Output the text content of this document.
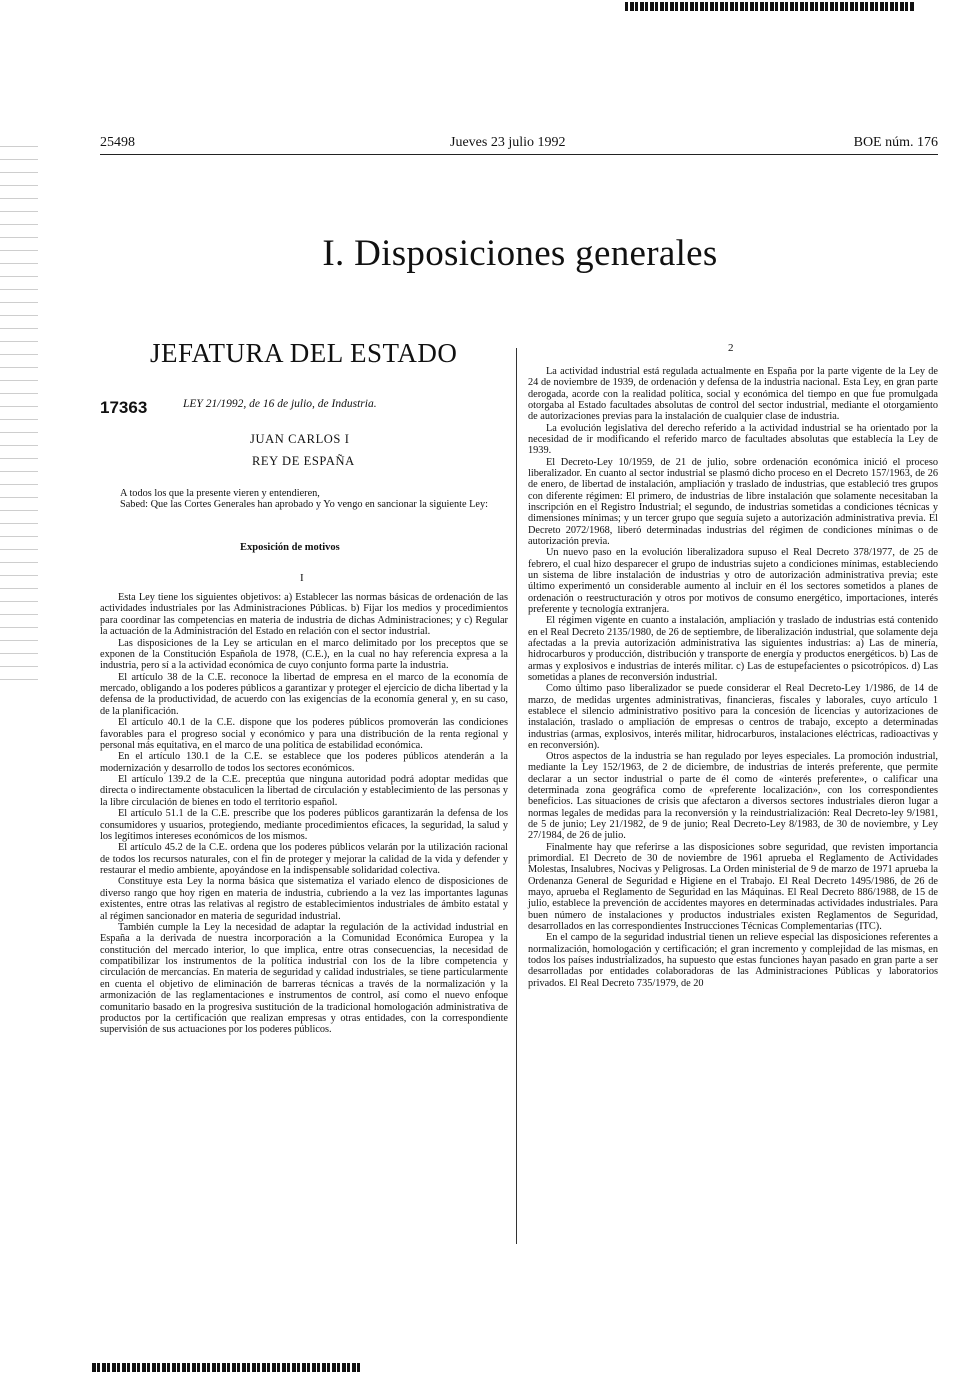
25498	Jueves 23 julio 1992	BOE núm. 176
I. Disposiciones generales
JEFATURA DEL ESTADO
17363	LEY 21/1992, de 16 de julio, de Industria.
JUAN CARLOS I
REY DE ESPAÑA

A todos los que la presente vieren y entendieren,

Sabed: Que las Cortes Generales han aprobado y Yo vengo en sancionar la siguiente Ley:

Exposición de motivos
I

Esta Ley tiene los siguientes objetivos: a) Establecer las normas básicas de ordenación de las actividades industriales por las Administraciones Públicas. b) Fijar los medios y procedimientos para coordinar las competencias en materia de industria de dichas Administraciones; y c) Regular la actuación de la Administración del Estado en relación con el sector industrial.

Las disposiciones de la Ley se articulan en el marco delimitado por los preceptos que se exponen de la Constitución Española de 1978, (C.E.), en la cual no hay referencia expresa a la industria, pero sí a la actividad económica de cuyo conjunto forma parte la industria.

El artículo 38 de la C.E. reconoce la libertad de empresa en el marco de la economía de mercado, obligando a los poderes públicos a garantizar y proteger el ejercicio de dicha libertad y la defensa de la productividad, de acuerdo con las exigencias de la economía general y, en su caso, de la planificación.

El artículo 40.1 de la C.E. dispone que los poderes públicos promoverán las condiciones favorables para el progreso social y económico y para una distribución de la renta regional y personal más equitativa, en el marco de una política de estabilidad económica.

En el artículo 130.1 de la C.E. se establece que los poderes públicos atenderán a la modernización y desarrollo de todos los sectores económicos.

El artículo 139.2 de la C.E. preceptúa que ninguna autoridad podrá adoptar medidas que directa o indirectamente obstaculicen la libertad de circulación y establecimiento de las personas y la libre circulación de bienes en todo el territorio español.

El artículo 51.1 de la C.E. prescribe que los poderes públicos garantizarán la defensa de los consumidores y usuarios, protegiendo, mediante procedimientos eficaces, la seguridad, la salud y los legítimos intereses económicos de los mismos.

El artículo 45.2 de la C.E. ordena que los poderes públicos velarán por la utilización racional de todos los recursos naturales, con el fin de proteger y mejorar la calidad de la vida y defender y restaurar el medio ambiente, apoyándose en la indispensable solidaridad colectiva.

Constituye esta Ley la norma básica que sistematiza el variado elenco de disposiciones de diverso rango que hoy rigen en materia de industria, cubriendo a la vez las importantes lagunas existentes, entre otras las relativas al registro de establecimientos industriales de ámbito estatal y al régimen sancionador en materia de seguridad industrial.

También cumple la Ley la necesidad de adaptar la regulación de la actividad industrial en España a la derivada de nuestra incorporación a la Comunidad Económica Europea y la constitución del mercado interior, lo que implica, entre otras consecuencias, la necesidad de compatibilizar los instrumentos de la política industrial con los de la libre competencia y circulación de mercancías. En materia de seguridad y calidad industriales, se tiene particularmente en cuenta el objetivo de eliminación de barreras técnicas a través de la normalización y la armonización de las reglamentaciones e instrumentos de control, así como el nuevo enfoque comunitario basado en la progresiva sustitución de la tradicional homologación administrativa de productos por la certificación que realizan empresas y otras entidades, con la correspondiente supervisión de sus actuaciones por los poderes públicos.

2

La actividad industrial está regulada actualmente en España por la parte vigente de la Ley de 24 de noviembre de 1939, de ordenación y defensa de la industria nacional. Esta Ley, en gran parte derogada, acorde con la realidad política, social y económica del tiempo en que fue promulgada otorgaba al Estado facultades absolutas de control del sector industrial, mediante el otorgamiento de autorizaciones previas para la instalación de cualquier clase de industria.

La evolución legislativa del derecho referido a la actividad industrial se ha orientado por la necesidad de ir modificando el referido marco de facultades absolutas que establecía la Ley de 1939.

El Decreto-Ley 10/1959, de 21 de julio, sobre ordenación económica inició el proceso liberalizador. En cuanto al sector industrial se plasmó dicho proceso en el Decreto 157/1963, de 26 de enero, de libertad de instalación, ampliación y traslado de industrias, que estableció tres grupos con diferente régimen: El primero, de industrias de libre instalación que solamente necesitaban la inscripción en el Registro Industrial; el segundo, de industrias sometidas a condiciones técnicas y dimensiones mínimas; y un tercer grupo que seguía sujeto a autorización administrativa previa. El Decreto 2072/1968, liberó determinadas industrias del régimen de condiciones mínimas o de autorización previa.

Un nuevo paso en la evolución liberalizadora supuso el Real Decreto 378/1977, de 25 de febrero, el cual hizo desparecer el grupo de industrias sujeto a condiciones mínimas, estableciendo un sistema de libre instalación de industrias y otro de autorización administrativa previa; este último experimentó un considerable aumento al incluir en él los sectores sometidos a planes de ordenación o reestructuración y otros por motivos de consumo energético, importaciones, interés preferente y tecnología extranjera.

El régimen vigente en cuanto a instalación, ampliación y traslado de industrias está contenido en el Real Decreto 2135/1980, de 26 de septiembre, de liberalización industrial, que solamente deja afectadas a la previa autorización administrativa las siguientes industrias: a) Las de minería, hidrocarburos y producción, distribución y transporte de energía y productos energéticos. b) Las de armas y explosivos e industrias de interés militar. c) Las de estupefacientes o psicotrópicos. d) Las sometidas a planes de reconversión industrial.

Como último paso liberalizador se puede considerar el Real Decreto-Ley 1/1986, de 14 de marzo, de medidas urgentes administrativas, financieras, fiscales y laborales, cuyo artículo 1 establece el silencio administrativo positivo para la concesión de licencias y autorizaciones de instalación, traslado o ampliación de empresas o centros de trabajo, excepto a determinadas industrias (armas, explosivos, interés militar, hidrocarburos, instalaciones eléctricas, radioactivas y en reconversión).

Otros aspectos de la industria se han regulado por leyes especiales. La promoción industrial, mediante la Ley 152/1963, de 2 de diciembre, de industrias de interés preferente, que permite declarar a un sector industrial o parte de él como de «interés preferente», o calificar una determinada zona geográfica como de «preferente localización», con los correspondientes beneficios. Las situaciones de crisis que afectaron a diversos sectores industriales dieron lugar a normas legales de medidas para la reconversión y la reindustrialización: Real Decreto-ley 9/1981, de 5 de junio; Ley 21/1982, de 9 de junio; Real Decreto-Ley 8/1983, de 30 de noviembre, y Ley 27/1984, de 26 de julio.

Finalmente hay que referirse a las disposiciones sobre seguridad, que revisten importancia primordial. El Decreto de 30 de noviembre de 1961 aprueba el Reglamento de Actividades Molestas, Insalubres, Nocivas y Peligrosas. La Orden ministerial de 9 de marzo de 1971 aprueba la Ordenanza General de Seguridad e Higiene en el Trabajo. El Real Decreto 1495/1986, de 26 de mayo, aprueba el Reglamento de Seguridad en las Máquinas. El Real Decreto 886/1988, de 15 de julio, establece la prevención de accidentes mayores en determinadas actividades industriales. Para buen número de instalaciones y productos industriales existen Reglamentos de Seguridad, desarrollados en las correspondientes Instrucciones Técnicas Complementarias (ITC).

En el campo de la seguridad industrial tienen un relieve especial las disposiciones referentes a normalización, homologación y certificación; el gran incremento y complejidad de las mismas, en todos los países industrializados, ha supuesto que estas funciones hayan pasado en gran parte a ser desarrolladas por entidades colaboradoras de las Administraciones Públicas y laboratorios privados. El Real Decreto 735/1979, de 20
